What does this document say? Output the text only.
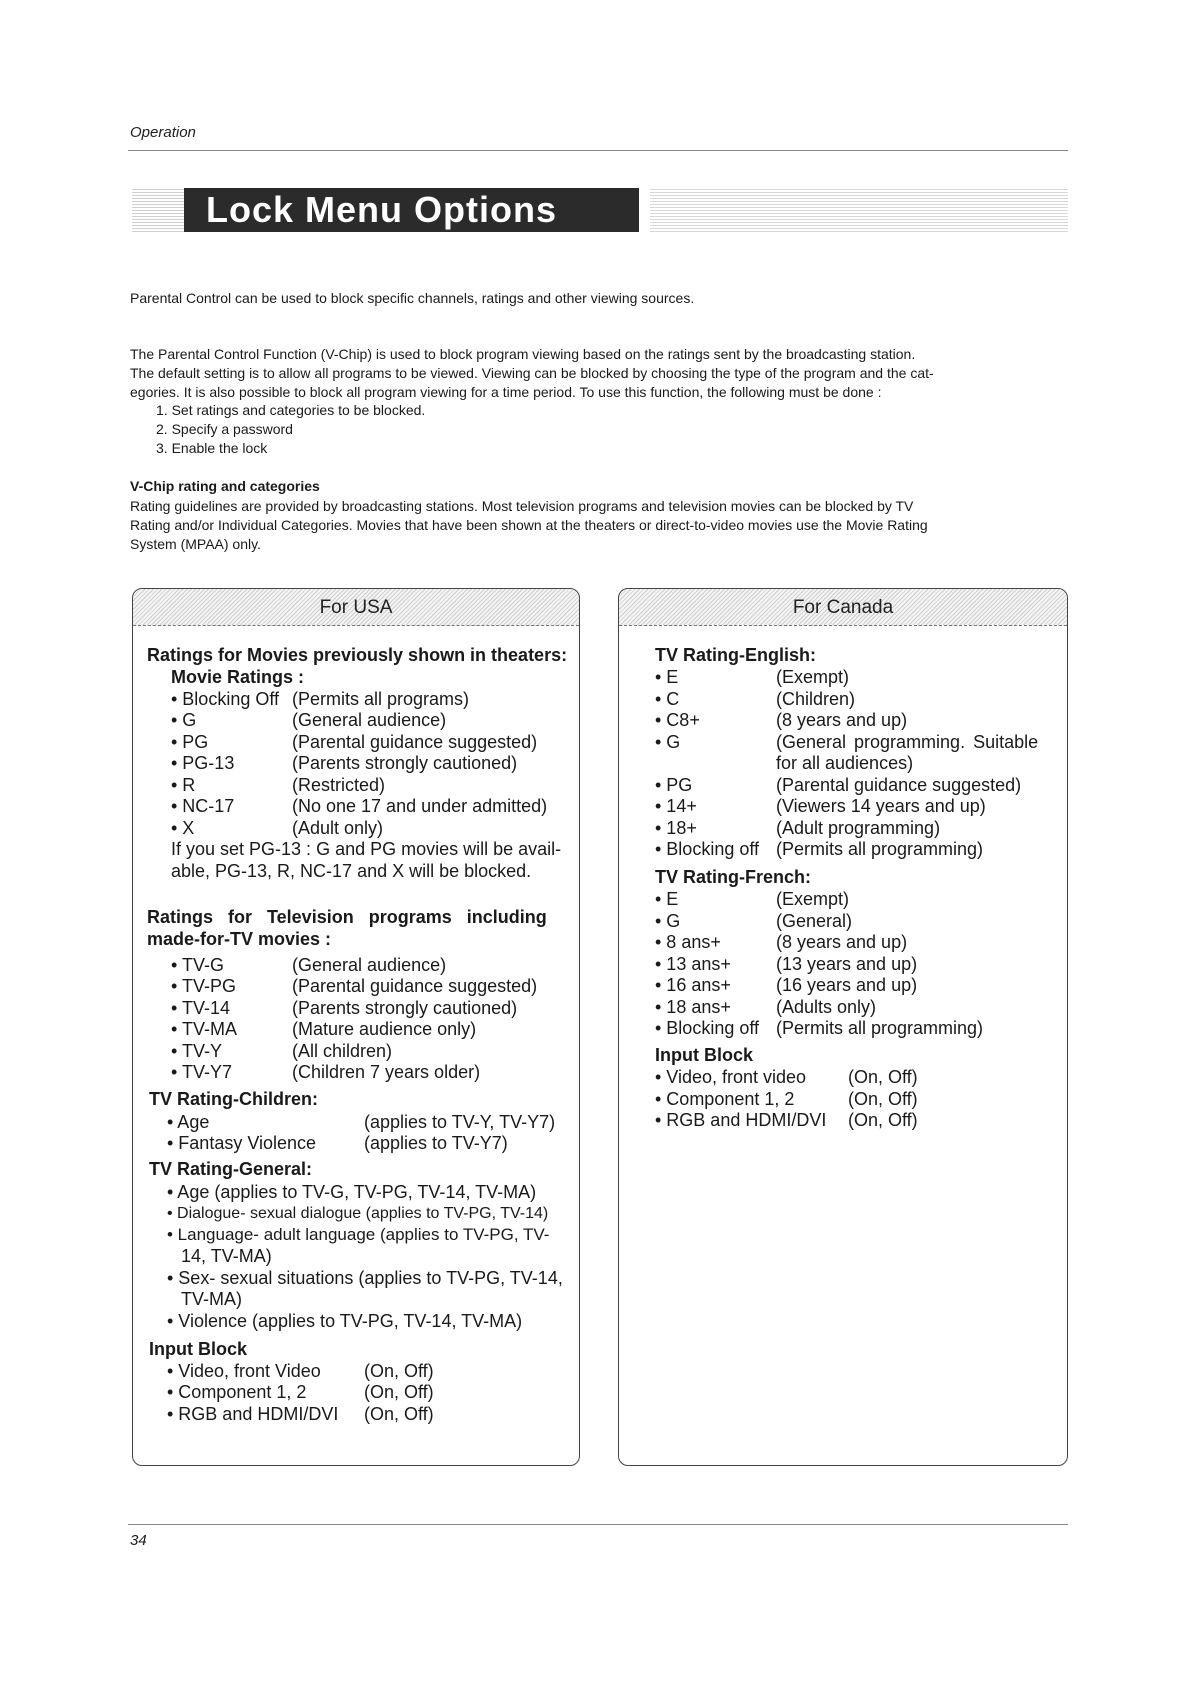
Operation
Lock Menu Options
Parental Control can be used to block specific channels, ratings and other viewing sources.
The Parental Control Function (V-Chip) is used to block program viewing based on the ratings sent by the broadcasting station.
The default setting is to allow all programs to be viewed. Viewing can be blocked by choosing the type of the program and the cat-
egories. It is also possible to block all program viewing for a time period. To use this function, the following must be done :
1. Set ratings and categories to be blocked.
2. Specify a password
3. Enable the lock
V-Chip rating and categories
Rating guidelines are provided by broadcasting stations. Most television programs and television movies can be blocked by TV
Rating and/or Individual Categories. Movies that have been shown at the theaters or direct-to-video movies use the Movie Rating
System (MPAA) only.
For USA
Ratings for Movies previously shown in theaters:
Movie Ratings :
• Blocking Off (Permits all programs)
• G	(General audience)
• PG	(Parental guidance suggested)
• PG-13	(Parents strongly cautioned)
• R	(Restricted)
• NC-17	(No one 17 and under admitted)
• X	(Adult only)
If you set PG-13 : G and PG movies will be avail-
able, PG-13, R, NC-17 and X will be blocked.
Ratings for Television programs including
made-for-TV movies :
• TV-G	(General audience)
• TV-PG	(Parental guidance suggested)
• TV-14	(Parents strongly cautioned)
• TV-MA	(Mature audience only)
• TV-Y	(All children)
• TV-Y7	(Children 7 years older)
TV Rating-Children:
• Age	(applies to TV-Y, TV-Y7)
• Fantasy Violence	(applies to TV-Y7)
TV Rating-General:
• Age (applies to TV-G, TV-PG, TV-14, TV-MA)
• Dialogue- sexual dialogue (applies to TV-PG, TV-14)
• Language- adult language (applies to TV-PG, TV-
14, TV-MA)
• Sex- sexual situations (applies to TV-PG, TV-14,
TV-MA)
• Violence (applies to TV-PG, TV-14, TV-MA)
Input Block
• Video, front Video (On, Off)
• Component 1, 2	(On, Off)
• RGB and HDMI/DVI (On, Off)
For Canada
TV Rating-English:
• E	(Exempt)
• C	(Children)
• C8+	(8 years and up)
• G	(General programming. Suitable
for all audiences)
• PG	(Parental guidance suggested)
• 14+	(Viewers 14 years and up)
• 18+	(Adult programming)
• Blocking off (Permits all programming)
TV Rating-French:
• E	(Exempt)
• G	(General)
• 8 ans+	(8 years and up)
• 13 ans+	(13 years and up)
• 16 ans+	(16 years and up)
• 18 ans+	(Adults only)
• Blocking off (Permits all programming)
Input Block
• Video, front video (On, Off)
• Component 1, 2	(On, Off)
• RGB and HDMI/DVI (On, Off)
34
